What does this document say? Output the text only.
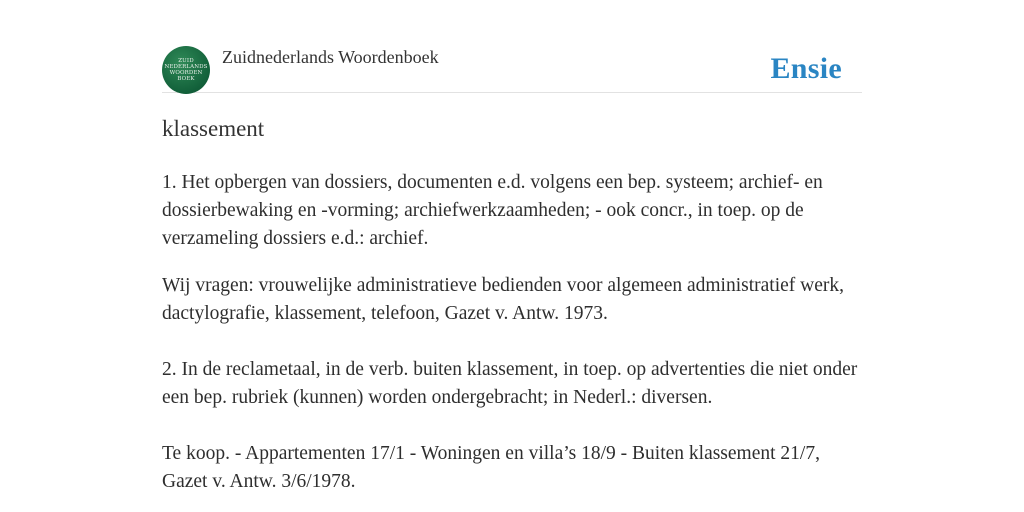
ZUID
NEDERLANDS
WOORDEN
BOEK
Zuidnederlands Woordenboek	Ensie
klassement

1. Het opbergen van dossiers, documenten e.d. volgens een bep. systeem; archief- en dossierbewaking en -vorming; archiefwerkzaamheden; - ook concr., in toep. op de verzameling dossiers e.d.: archief.

Wij vragen: vrouwelijke administratieve bedienden voor algemeen administratief werk, dactylografie, klassement, telefoon, Gazet v. Antw. 1973.

2. In de reclametaal, in de verb. buiten klassement, in toep. op advertenties die niet onder een bep. rubriek (kunnen) worden ondergebracht; in Nederl.: diversen.

Te koop. - Appartementen 17/1 - Woningen en villa’s 18/9 - Buiten klassement 21/7, Gazet v. Antw. 3/6/1978.
